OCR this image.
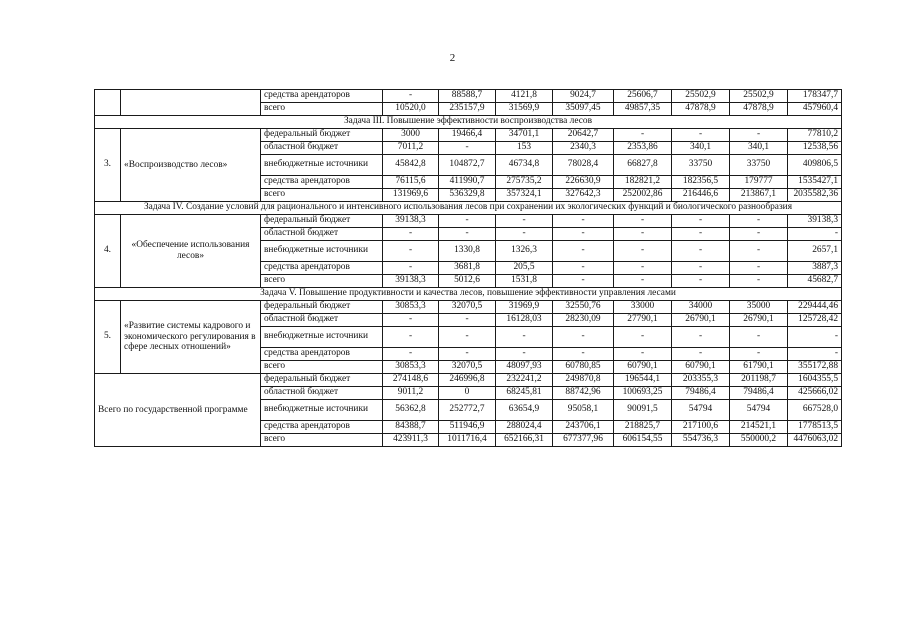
2
		средства арендаторов	-	88588,7	4121,8	9024,7	25606,7	25502,9	25502,9	178347,7
		всего	10520,0	235157,9	31569,9	35097,45	49857,35	47878,9	47878,9	457960,4
Задача III. Повышение эффективности воспроизводства лесов										
3.	«Воспроизводство лесов»	федеральный бюджет	3000	19466,4	34701,1	20642,7	-	-	-	77810,2
		областной бюджет	7011,2	-	153	2340,3	2353,86	340,1	340,1	12538,56
		внебюджетные источники	45842,8	104872,7	46734,8	78028,4	66827,8	33750	33750	409806,5
		средства арендаторов	76115,6	411990,7	275735,2	226630,9	182821,2	182356,5	179777	1535427,1
		всего	131969,6	536329,8	357324,1	327642,3	252002,86	216446,6	213867,1	2035582,36
Задача IV. Создание условий для рационального и интенсивного использования лесов при сохранении их экологических функций и биологического разнообразия										
4.	«Обеспечение использования лесов»	федеральный бюджет	39138,3	-	-	-	-	-	-	39138,3
		областной бюджет	-	-	-	-	-	-	-	-
		внебюджетные источники	-	1330,8	1326,3	-	-	-	-	2657,1
		средства арендаторов	-	3681,8	205,5	-	-	-	-	3887,3
		всего	39138,3	5012,6	1531,8	-	-	-	-	45682,7
Задача V. Повышение продуктивности и качества лесов, повышение эффективности управления лесами										
5.	«Развитие системы кадрового и экономического регулирования в сфере лесных отношений»	федеральный бюджет	30853,3	32070,5	31969,9	32550,76	33000	34000	35000	229444,46
		областной бюджет	-	-	16128,03	28230,09	27790,1	26790,1	26790,1	125728,42
		внебюджетные источники	-	-	-	-	-	-	-	-
		средства арендаторов	-	-	-	-	-	-	-	-
		всего	30853,3	32070,5	48097,93	60780,85	60790,1	60790,1	61790,1	355172,88
Всего по государственной программе		федеральный бюджет	274148,6	246996,8	232241,2	249870,8	196544,1	203355,3	201198,7	1604355,5
		областной бюджет	9011,2	0	68245,81	88742,96	100693,25	79486,4	79486,4	425666,02
		внебюджетные источники	56362,8	252772,7	63654,9	95058,1	90091,5	54794	54794	667528,0
		средства арендаторов	84388,7	511946,9	288024,4	243706,1	218825,7	217100,6	214521,1	1778513,5
		всего	423911,3	1011716,4	652166,31	677377,96	606154,55	554736,3	550000,2	4476063,02
